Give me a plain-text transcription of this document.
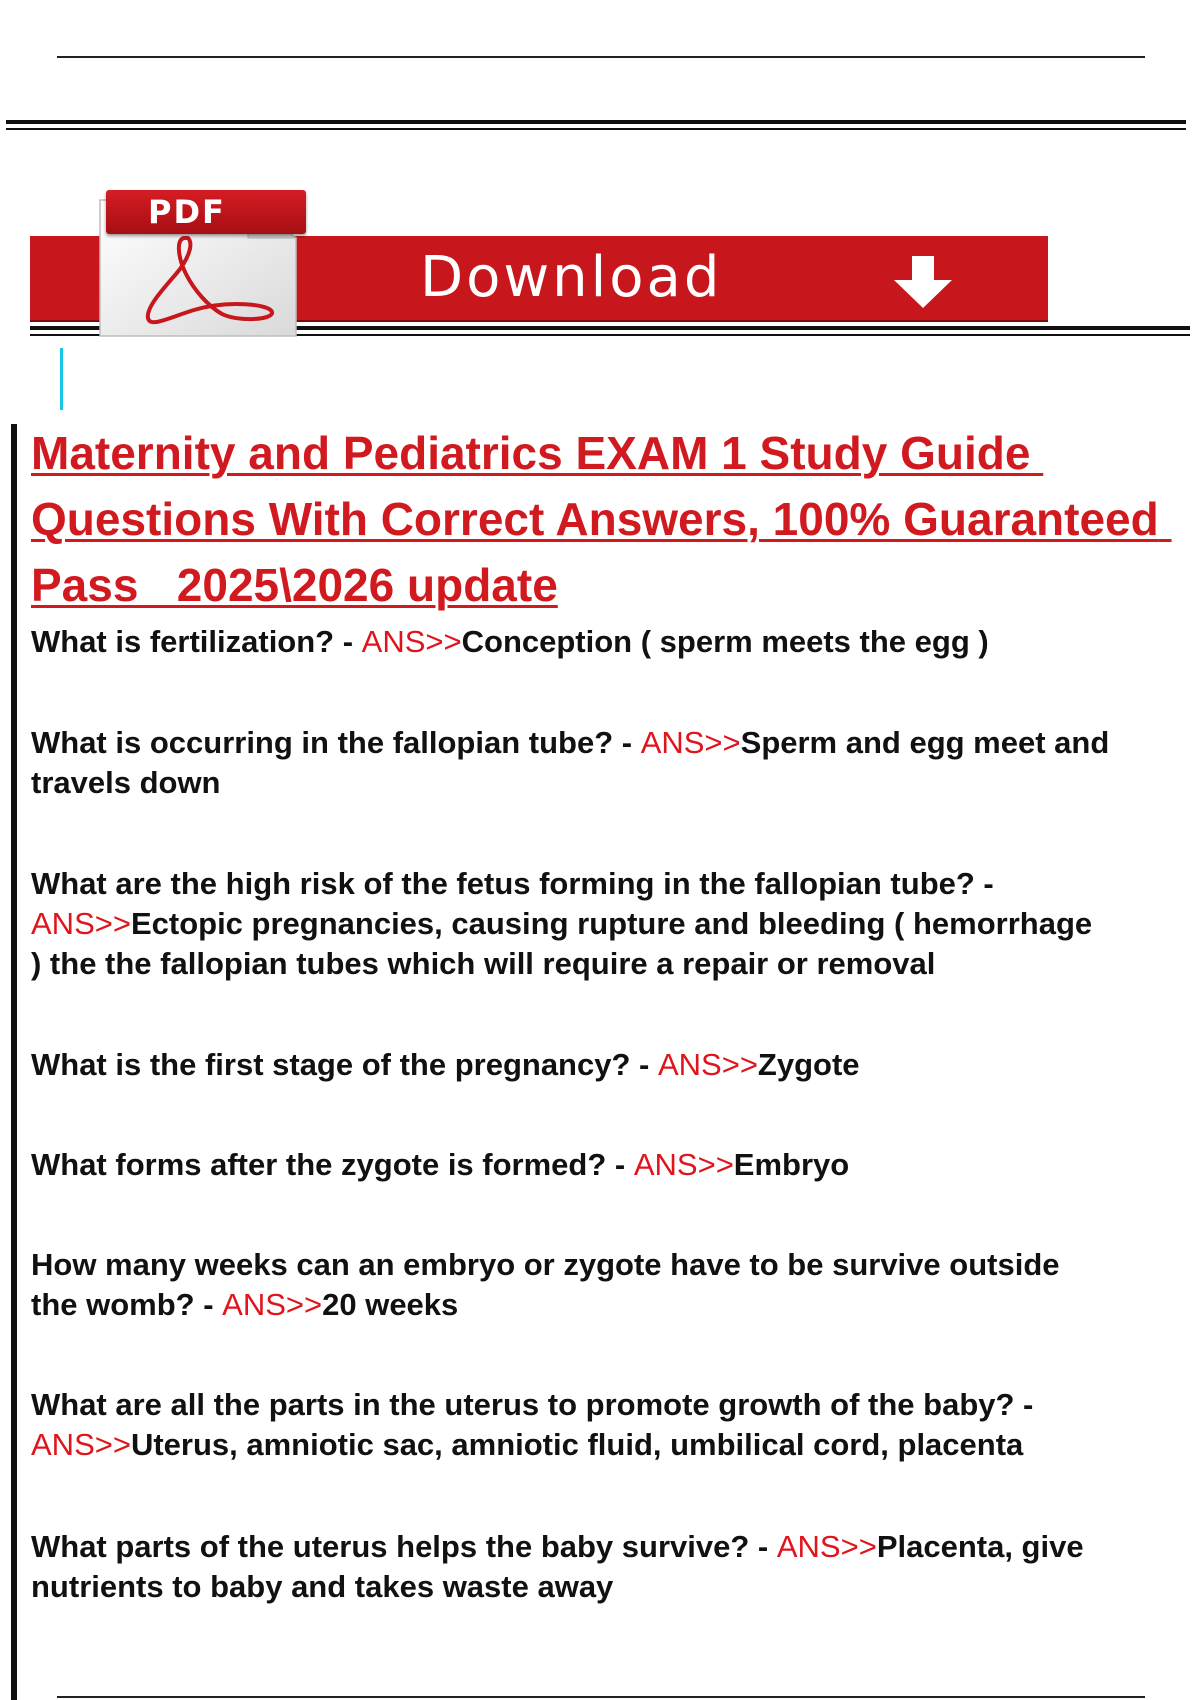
PDF
Download
Maternity and Pediatrics EXAM 1 Study Guide Questions With Correct Answers, 100% Guaranteed Pass   2025\2026 update
What is fertilization? - ANS>>Conception ( sperm meets the egg )
What is occurring in the fallopian tube? - ANS>>Sperm and egg meet and travels down
What are the high risk of the fetus forming in the fallopian tube? - ANS>>Ectopic pregnancies, causing rupture and bleeding ( hemorrhage ) the the fallopian tubes which will require a repair or removal
What is the first stage of the pregnancy? - ANS>>Zygote
What forms after the zygote is formed? - ANS>>Embryo
How many weeks can an embryo or zygote have to be survive outside the womb? - ANS>>20 weeks
What are all the parts in the uterus to promote growth of the baby? - ANS>>Uterus, amniotic sac, amniotic fluid, umbilical cord, placenta
What parts of the uterus helps the baby survive? - ANS>>Placenta, give nutrients to baby and takes waste away
